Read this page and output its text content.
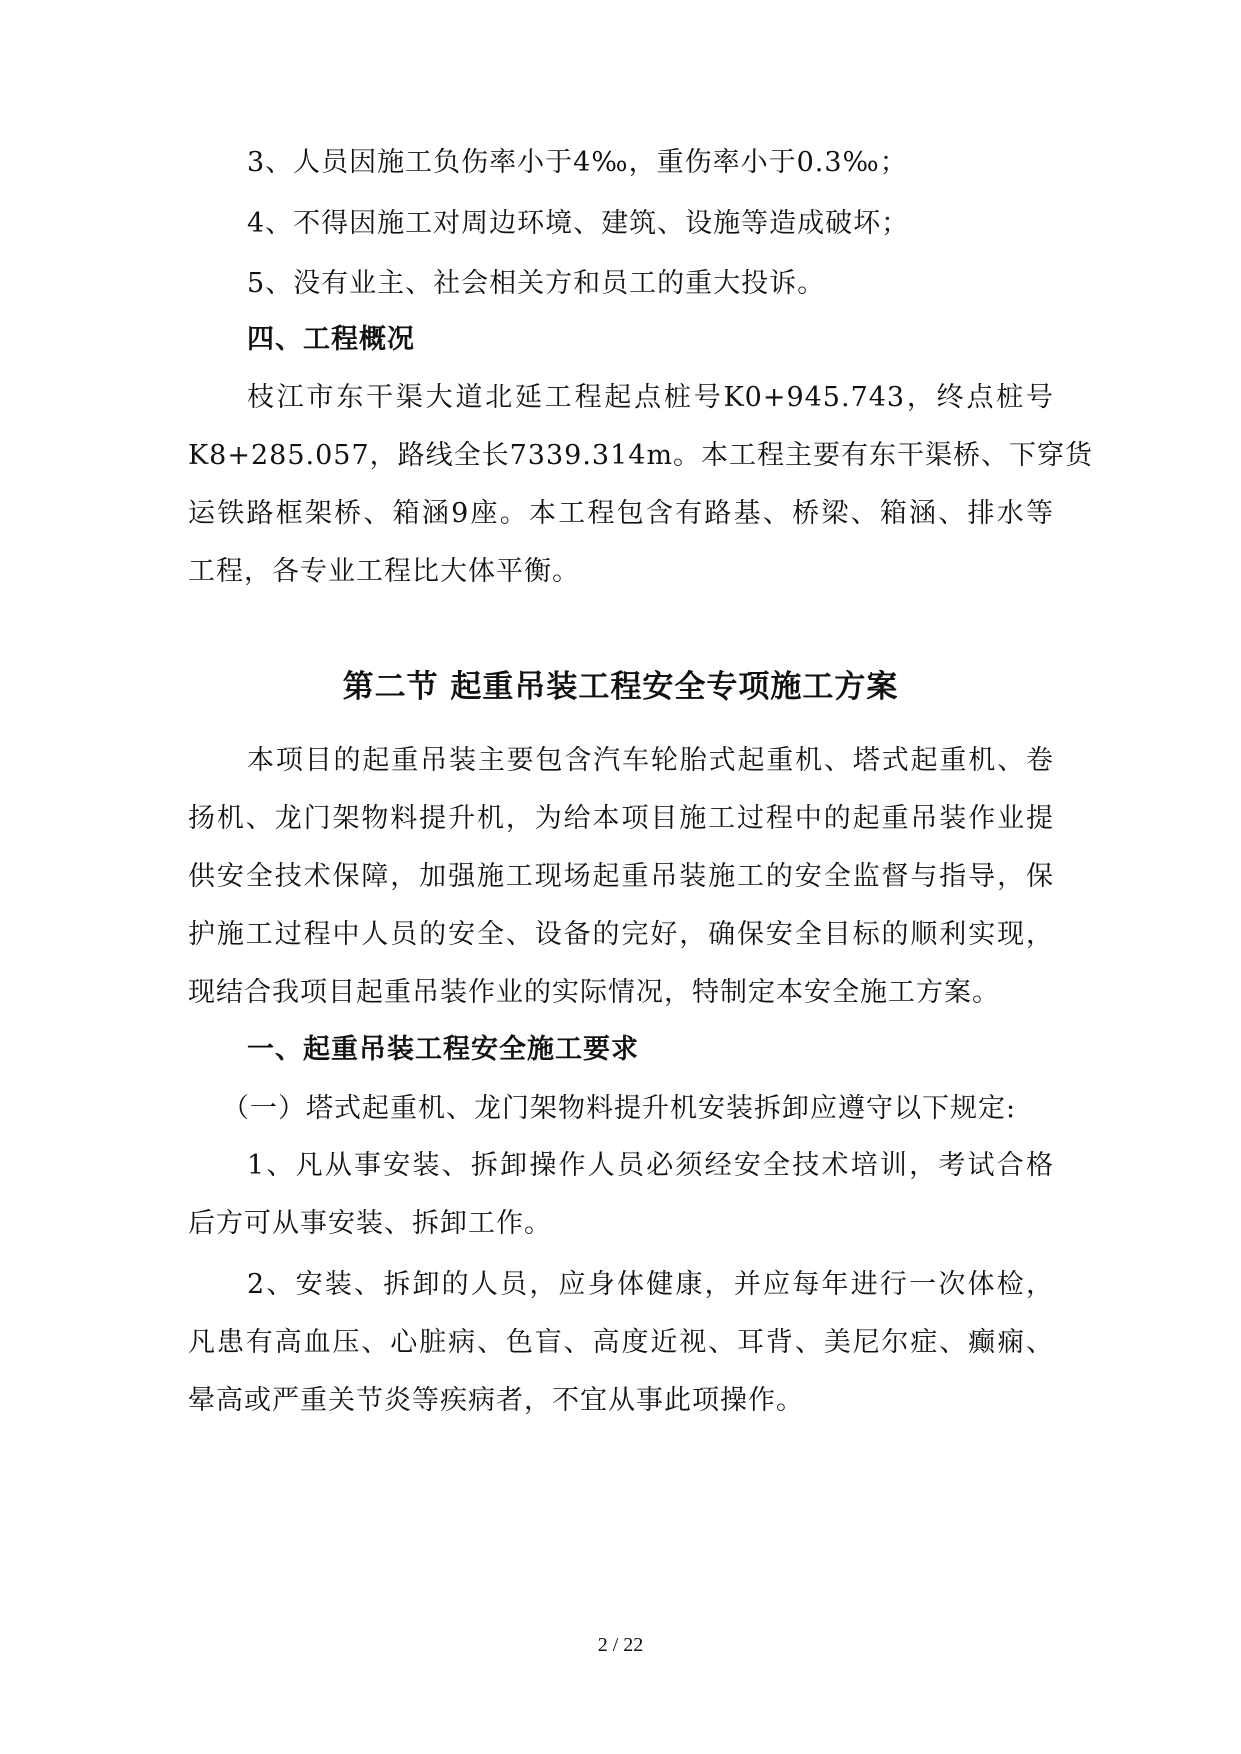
3、人员因施工负伤率小于4‰，重伤率小于0.3‰；
4、不得因施工对周边环境、建筑、设施等造成破坏；
5、没有业主、社会相关方和员工的重大投诉。
四、工程概况
枝江市东干渠大道北延工程起点桩号K0+945.743，终点桩号
K8+285.057，路线全长7339.314m。本工程主要有东干渠桥、下穿货
运铁路框架桥、箱涵9座。本工程包含有路基、桥梁、箱涵、排水等
工程，各专业工程比大体平衡。
第二节 起重吊装工程安全专项施工方案
本项目的起重吊装主要包含汽车轮胎式起重机、塔式起重机、卷
扬机、龙门架物料提升机，为给本项目施工过程中的起重吊装作业提
供安全技术保障，加强施工现场起重吊装施工的安全监督与指导，保
护施工过程中人员的安全、设备的完好，确保安全目标的顺利实现，
现结合我项目起重吊装作业的实际情况，特制定本安全施工方案。
一、起重吊装工程安全施工要求
（一）塔式起重机、龙门架物料提升机安装拆卸应遵守以下规定:
1、凡从事安装、拆卸操作人员必须经安全技术培训，考试合格
后方可从事安装、拆卸工作。
2、安装、拆卸的人员，应身体健康，并应每年进行一次体检，
凡患有高血压、心脏病、色盲、高度近视、耳背、美尼尔症、癫痫、
晕高或严重关节炎等疾病者，不宜从事此项操作。
2 / 22
